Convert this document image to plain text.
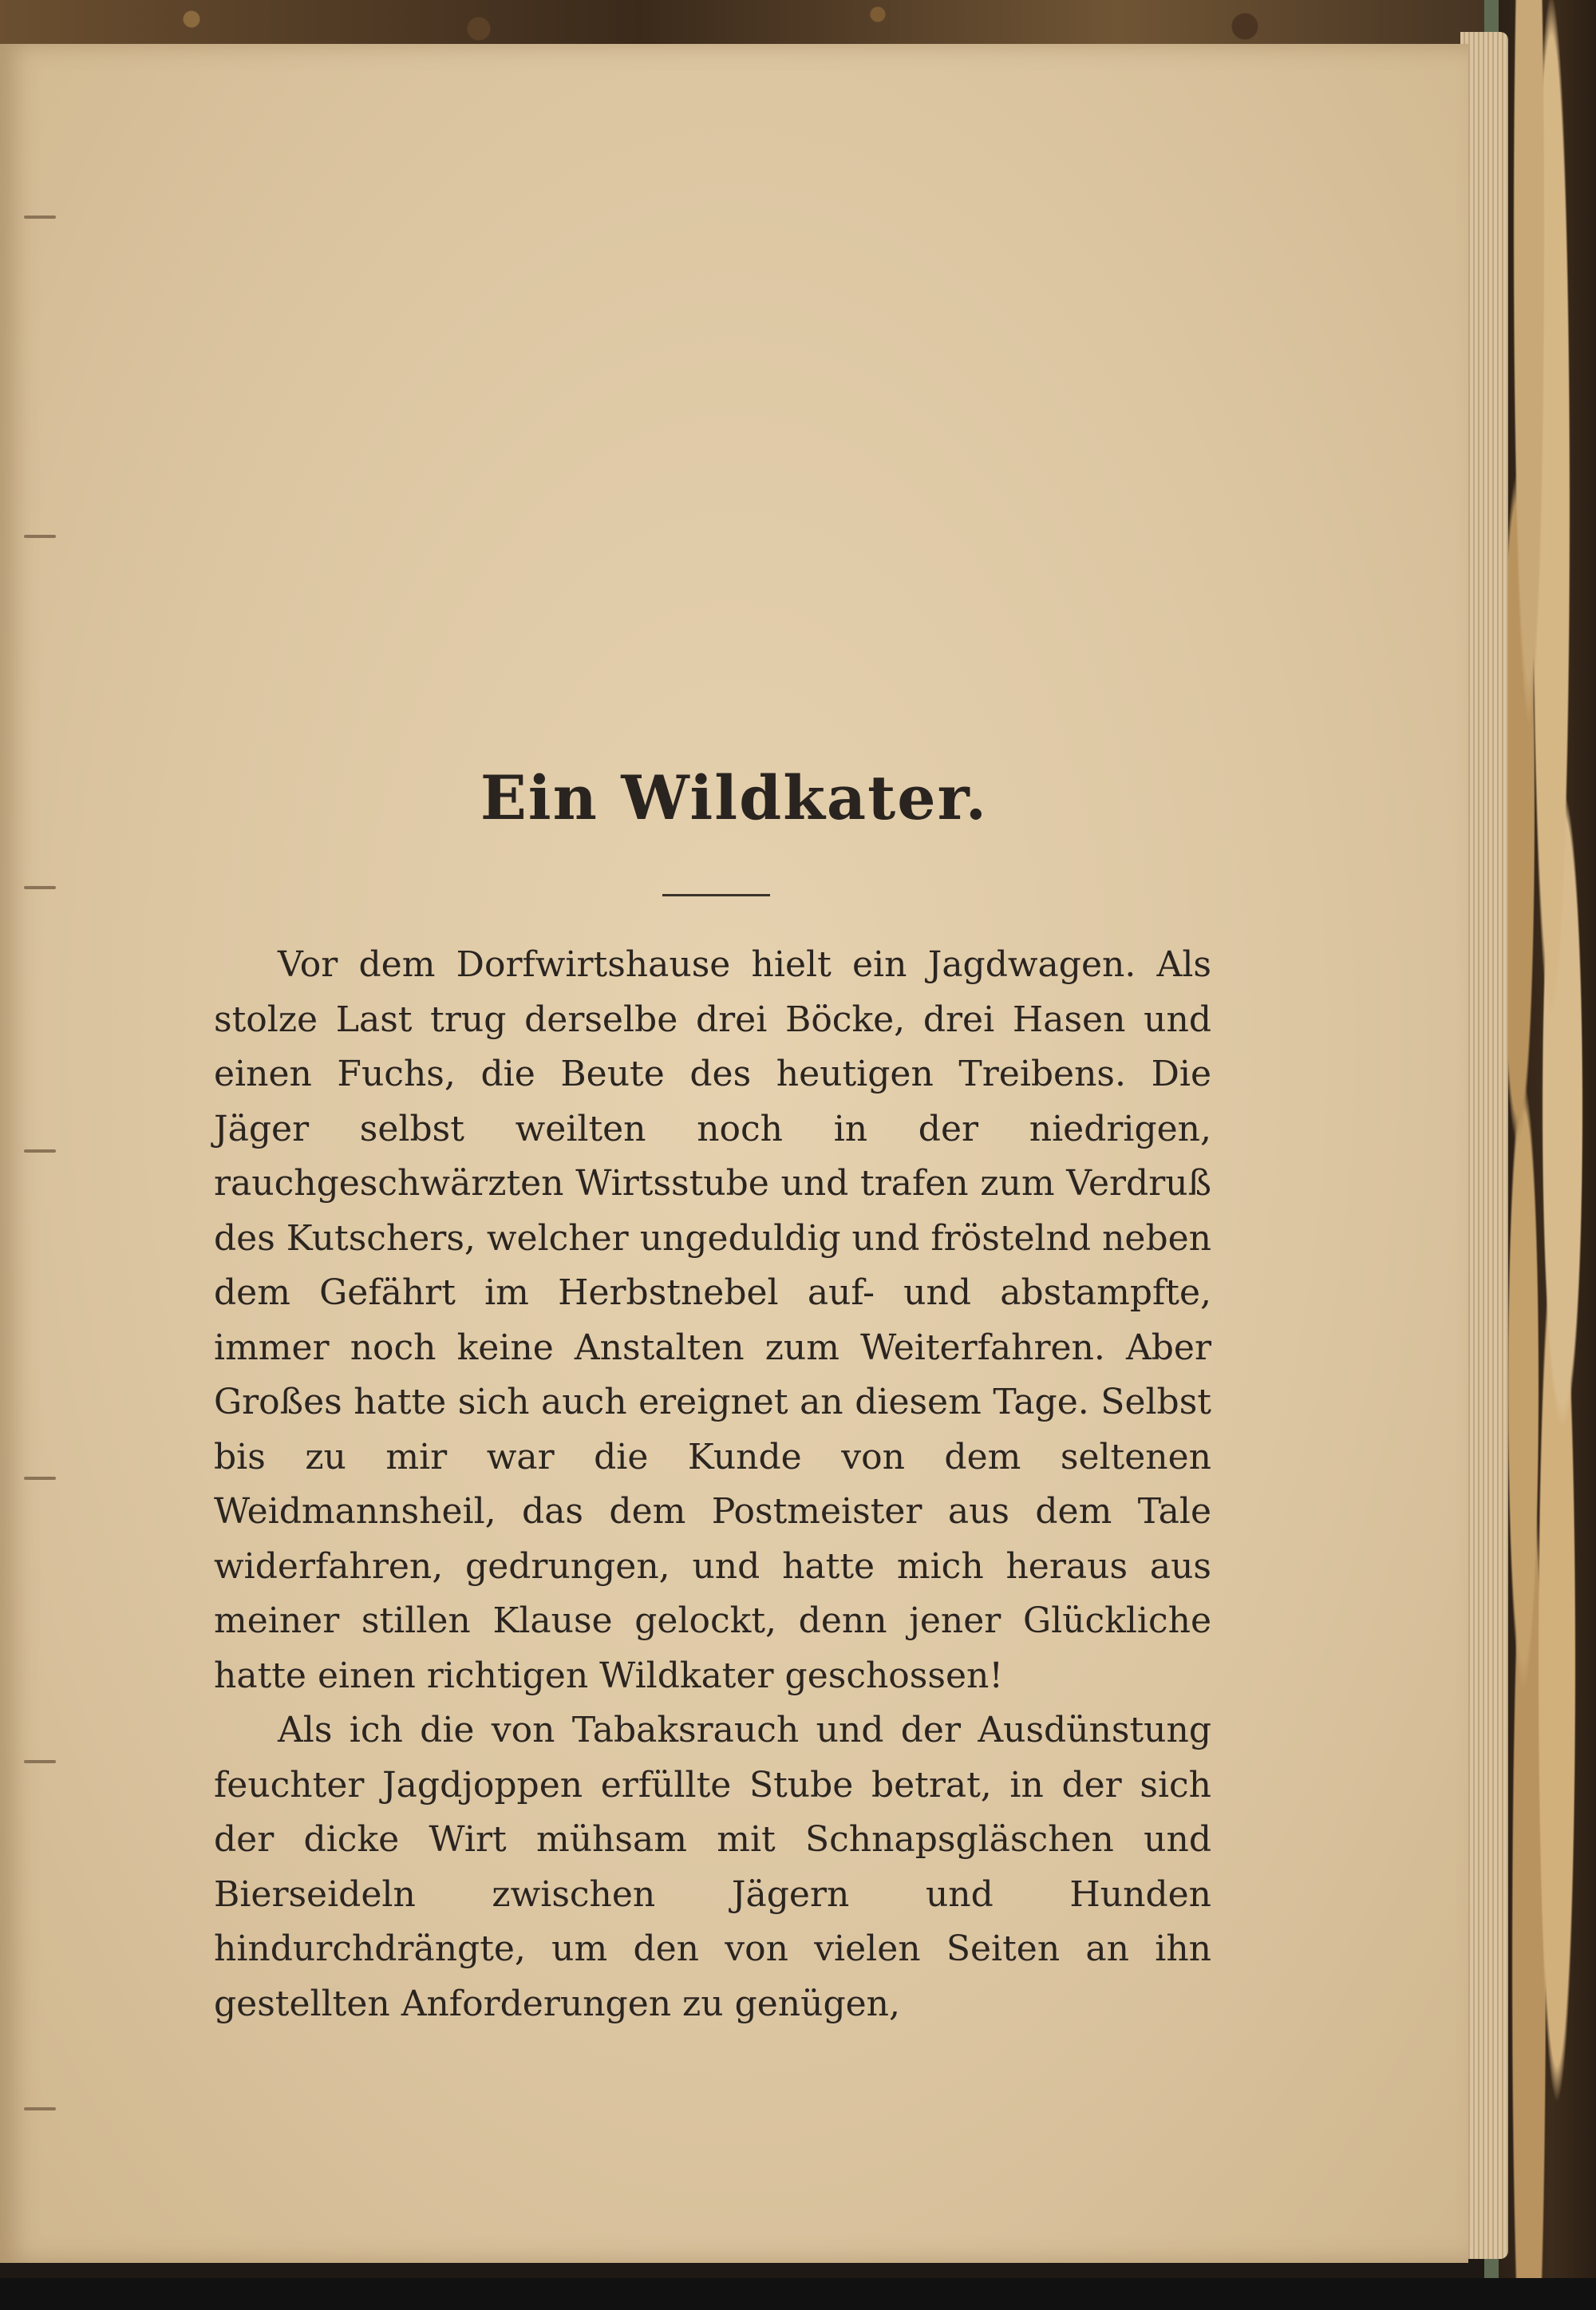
Ein Wildkater.

Vor dem Dorfwirtshause hielt ein Jagdwagen. Als stolze Last trug derselbe drei Böcke, drei Hasen und einen Fuchs, die Beute des heutigen Treibens. Die Jäger selbst weilten noch in der niedrigen, rauchgeschwärzten Wirtsstube und trafen zum Verdruß des Kutschers, welcher ungeduldig und fröstelnd neben dem Gefährt im Herbstnebel auf- und abstampfte, immer noch keine Anstalten zum Weiterfahren. Aber Großes hatte sich auch ereignet an diesem Tage. Selbst bis zu mir war die Kunde von dem seltenen Weidmannsheil, das dem Postmeister aus dem Tale widerfahren, gedrungen, und hatte mich heraus aus meiner stillen Klause gelockt, denn jener Glückliche hatte einen richtigen Wildkater geschossen!

Als ich die von Tabaksrauch und der Ausdünstung feuchter Jagdjoppen erfüllte Stube betrat, in der sich der dicke Wirt mühsam mit Schnapsgläschen und Bierseideln zwischen Jägern und Hunden hindurchdrängte, um den von vielen Seiten an ihn gestellten Anforderungen zu genügen,
